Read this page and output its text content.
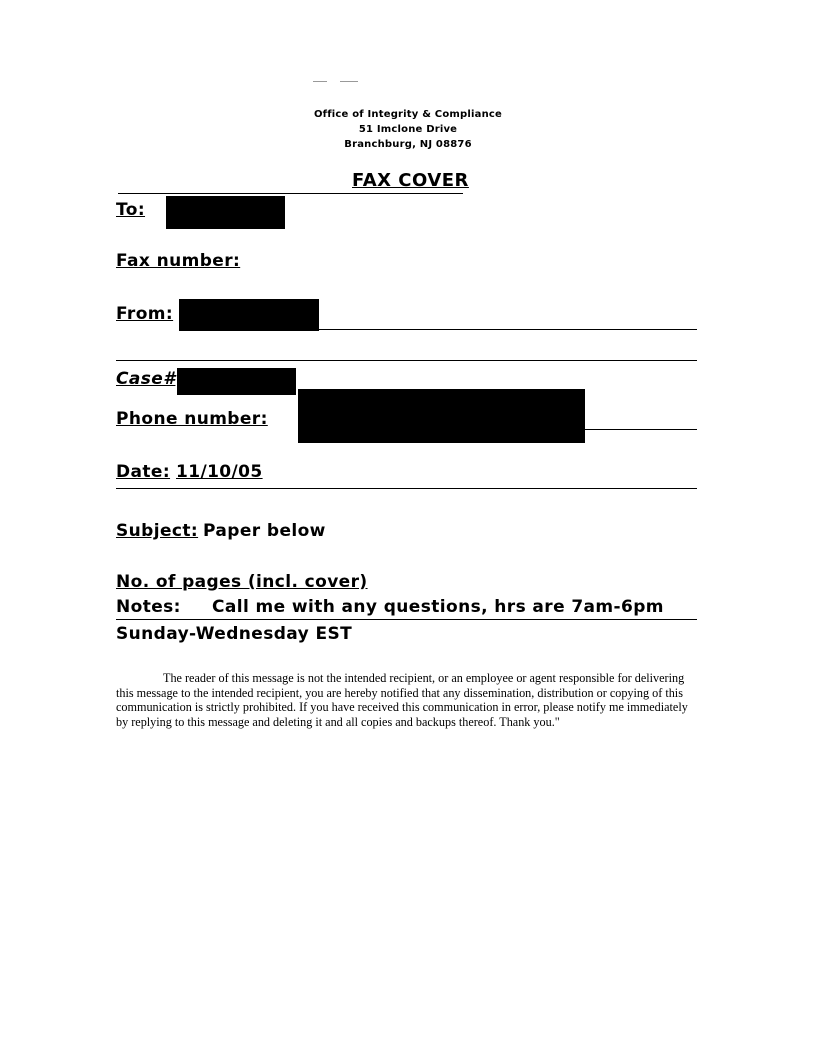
Office of Integrity & Compliance
51 Imclone Drive
Branchburg, NJ 08876
FAX COVER
To:
Fax number:
From:
Case#
Phone number:
Date: 11/10/05
Subject: Paper below
No. of pages (incl. cover)
Notes: Call me with any questions, hrs are 7am-6pm
Sunday-Wednesday EST
The reader of this message is not the intended recipient, or an employee or agent responsible for delivering this message to the intended recipient, you are hereby notified that any dissemination, distribution or copying of this communication is strictly prohibited. If you have received this communication in error, please notify me immediately by replying to this message and deleting it and all copies and backups thereof. Thank you."
